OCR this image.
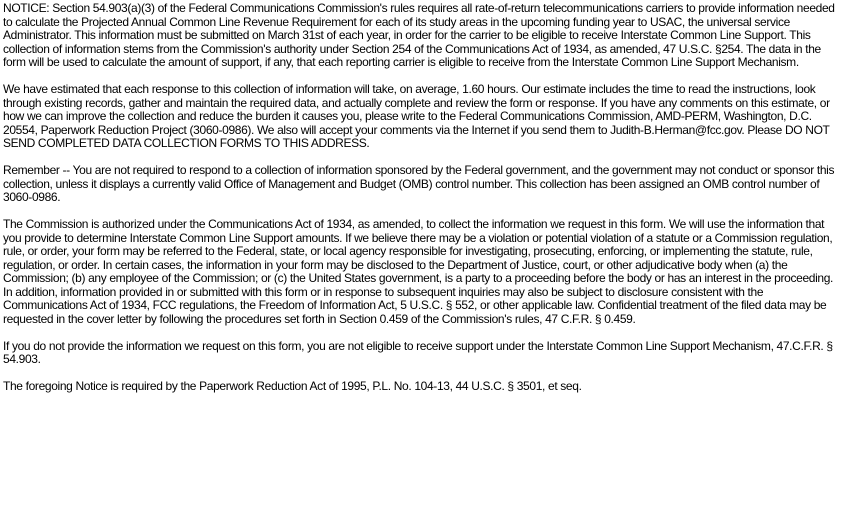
NOTICE: Section 54.903(a)(3) of the Federal Communications Commission's rules requires all rate-of-return telecommunications carriers to provide information needed to calculate the Projected Annual Common Line Revenue Requirement for each of its study areas in the upcoming funding year to USAC, the universal service Administrator. This information must be submitted on March 31st of each year, in order for the carrier to be eligible to receive Interstate Common Line Support. This collection of information stems from the Commission's authority under Section 254 of the Communications Act of 1934, as amended, 47 U.S.C. §254. The data in the form will be used to calculate the amount of support, if any, that each reporting carrier is eligible to receive from the Interstate Common Line Support Mechanism.

We have estimated that each response to this collection of information will take, on average, 1.60 hours. Our estimate includes the time to read the instructions, look through existing records, gather and maintain the required data, and actually complete and review the form or response. If you have any comments on this estimate, or how we can improve the collection and reduce the burden it causes you, please write to the Federal Communications Commission, AMD-PERM, Washington, D.C. 20554, Paperwork Reduction Project (3060-0986). We also will accept your comments via the Internet if you send them to Judith-B.Herman@fcc.gov. Please DO NOT SEND COMPLETED DATA COLLECTION FORMS TO THIS ADDRESS.

Remember -- You are not required to respond to a collection of information sponsored by the Federal government, and the government may not conduct or sponsor this collection, unless it displays a currently valid Office of Management and Budget (OMB) control number. This collection has been assigned an OMB control number of 3060-0986.

The Commission is authorized under the Communications Act of 1934, as amended, to collect the information we request in this form. We will use the information that you provide to determine Interstate Common Line Support amounts. If we believe there may be a violation or potential violation of a statute or a Commission regulation, rule, or order, your form may be referred to the Federal, state, or local agency responsible for investigating, prosecuting, enforcing, or implementing the statute, rule, regulation, or order. In certain cases, the information in your form may be disclosed to the Department of Justice, court, or other adjudicative body when (a) the Commission; (b) any employee of the Commission; or (c) the United States government, is a party to a proceeding before the body or has an interest in the proceeding. In addition, information provided in or submitted with this form or in response to subsequent inquiries may also be subject to disclosure consistent with the Communications Act of 1934, FCC regulations, the Freedom of Information Act, 5 U.S.C. § 552, or other applicable law. Confidential treatment of the filed data may be requested in the cover letter by following the procedures set forth in Section 0.459 of the Commission's rules, 47 C.F.R. § 0.459.

If you do not provide the information we request on this form, you are not eligible to receive support under the Interstate Common Line Support Mechanism, 47.C.F.R. § 54.903.

The foregoing Notice is required by the Paperwork Reduction Act of 1995, P.L. No. 104-13, 44 U.S.C. § 3501, et seq.
